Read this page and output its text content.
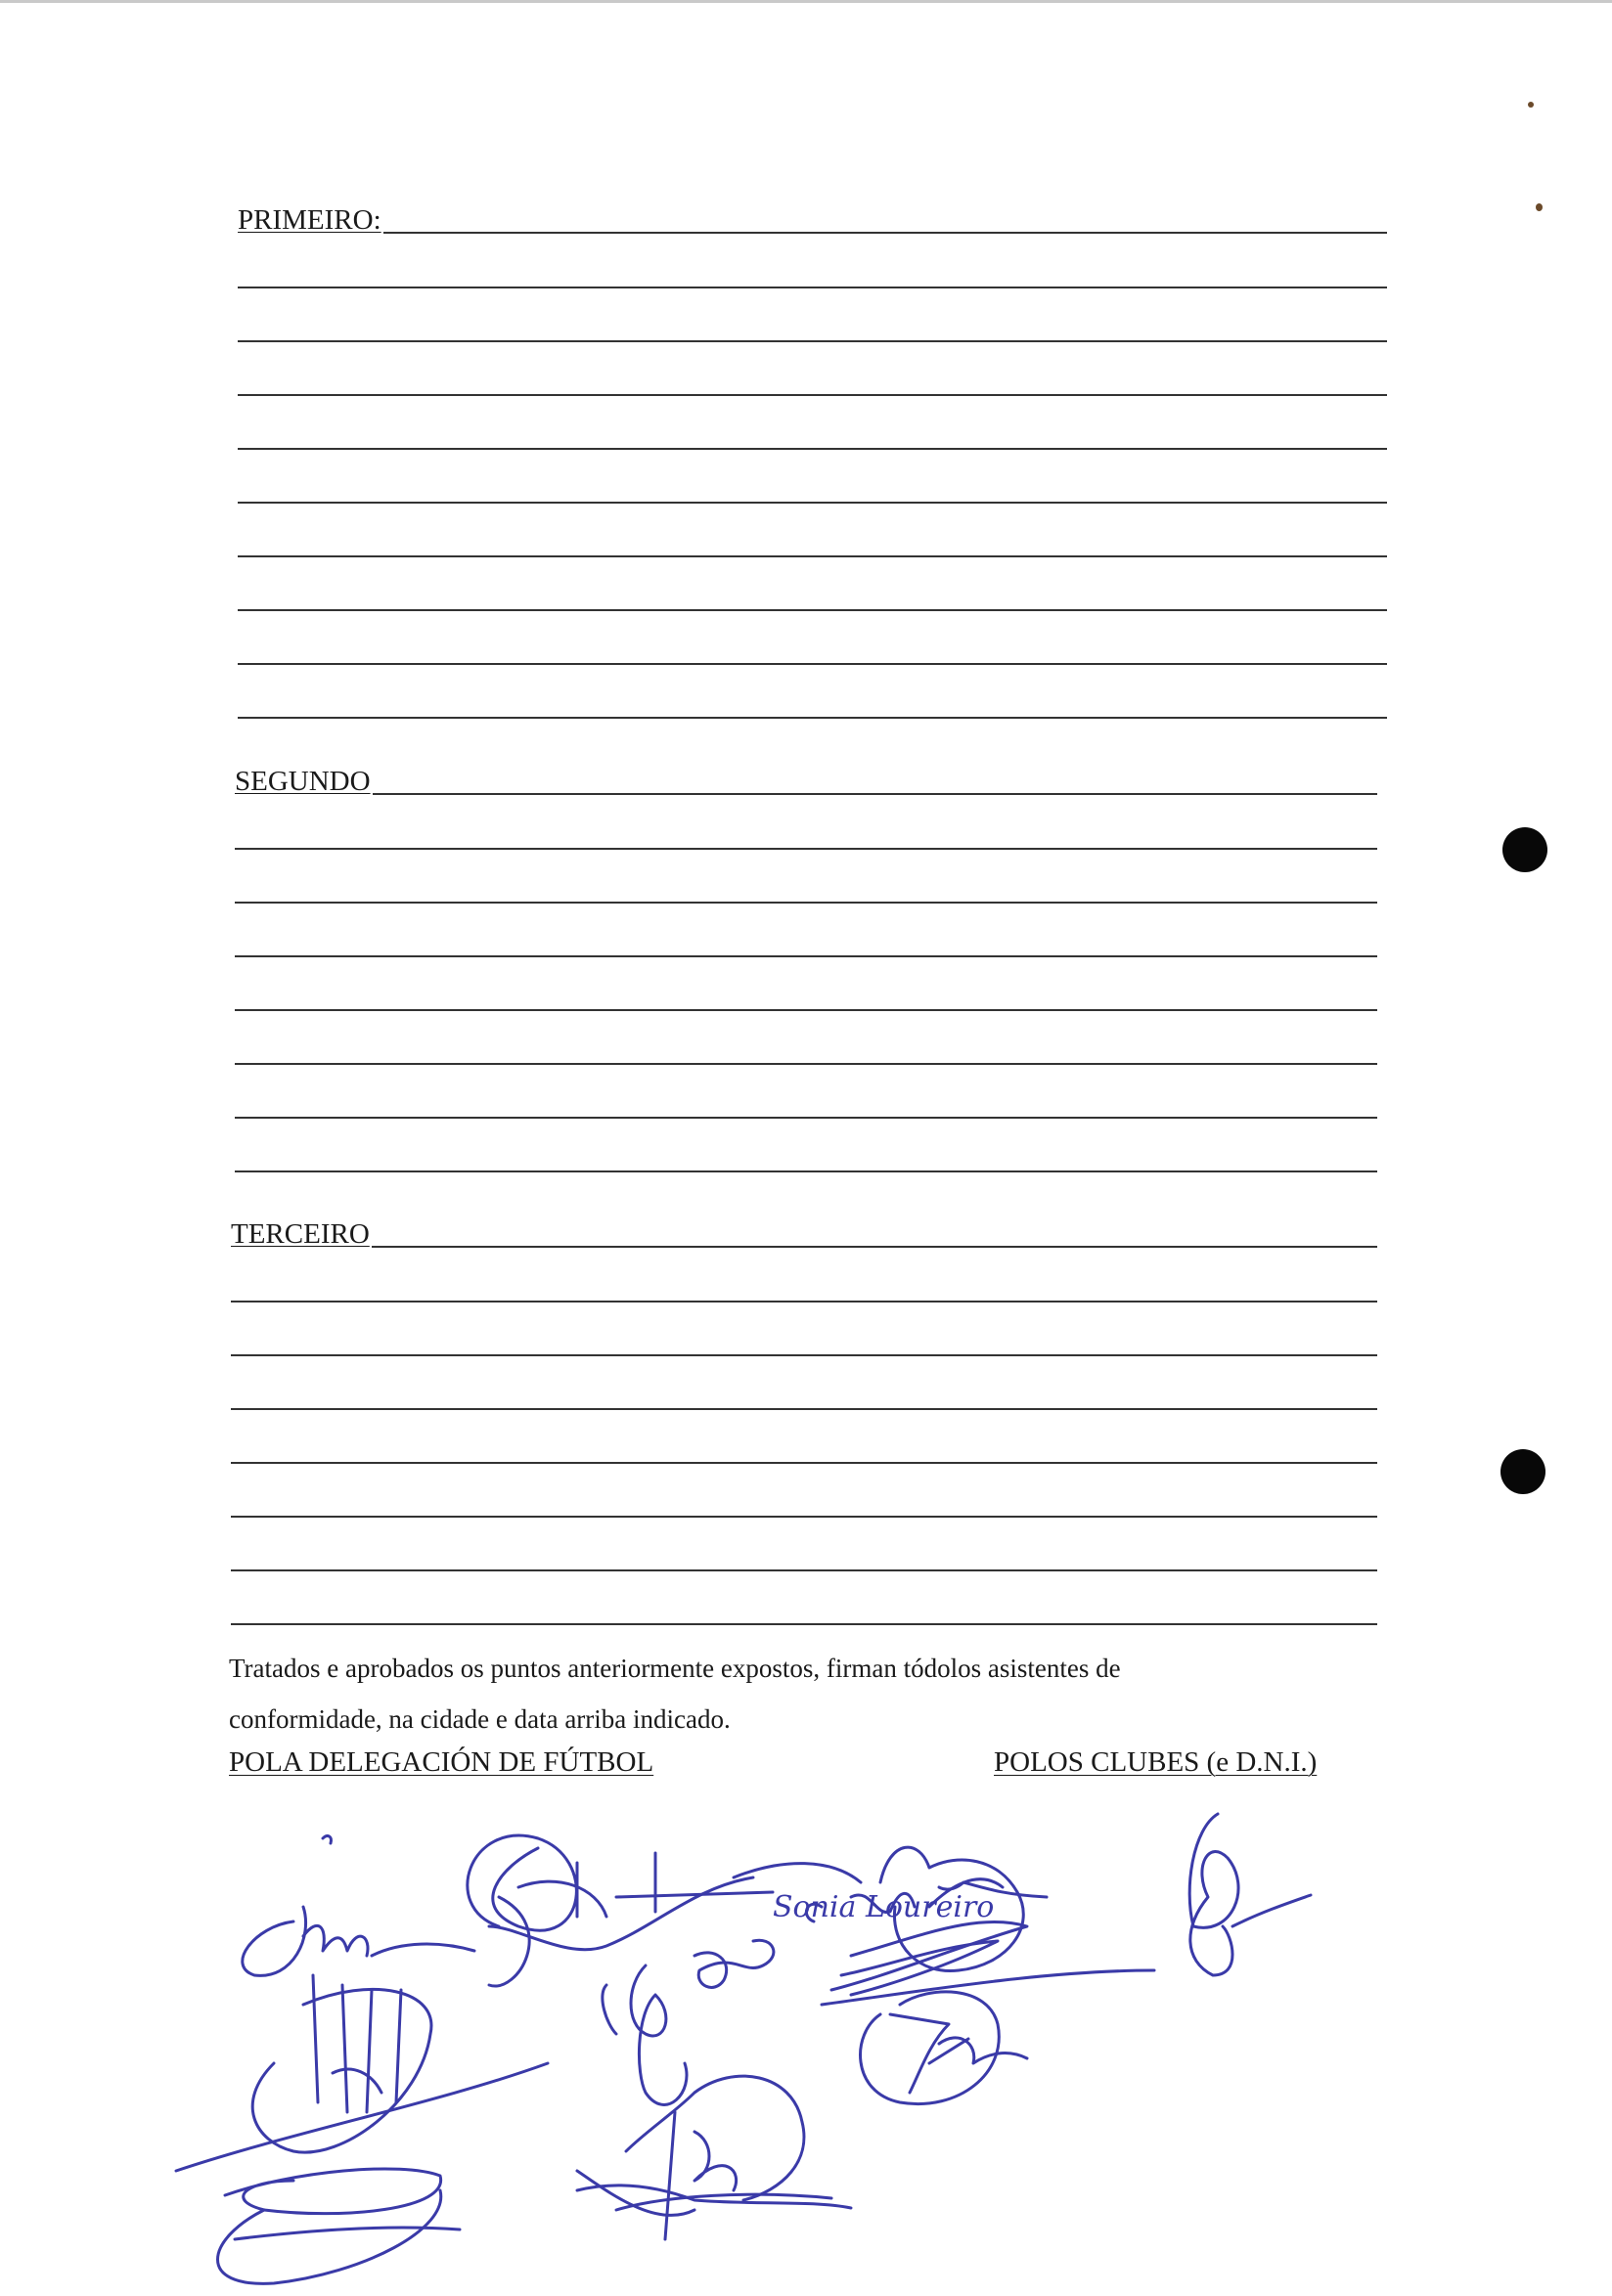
PRIMEIRO:
SEGUNDO
TERCEIRO
Tratados e aprobados os puntos anteriormente expostos, firman tódolos asistentes de
conformidade, na cidade e data arriba indicado.
POLA DELEGACIÓN DE FÚTBOL	POLOS CLUBES (e D.N.I.)
Sonia Loureiro
